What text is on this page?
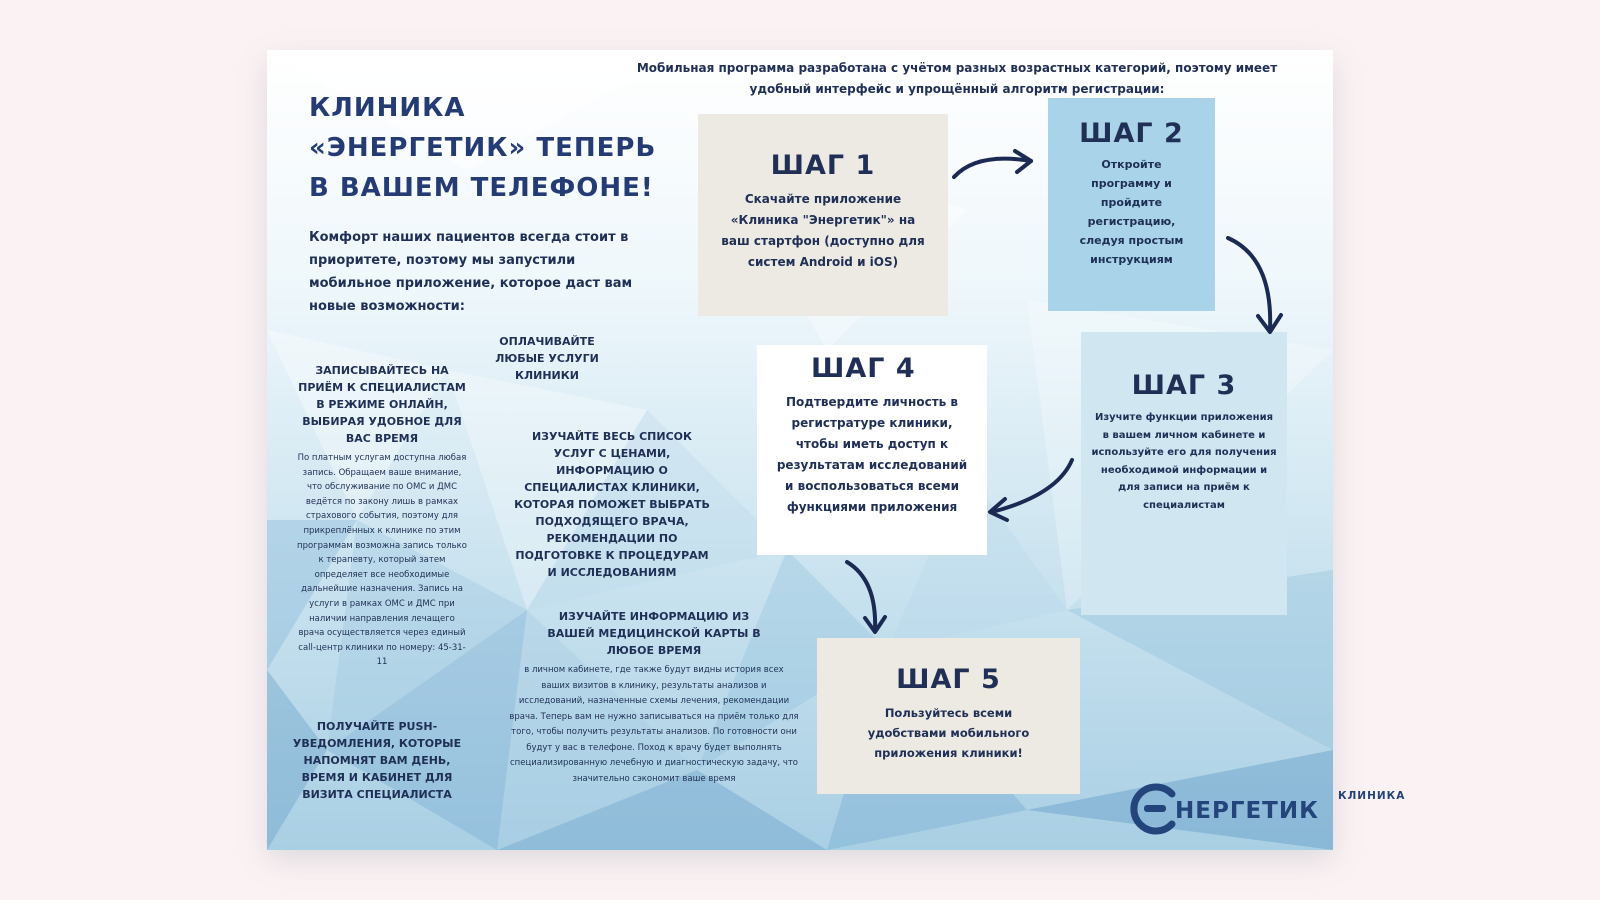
КЛИНИКА «ЭНЕРГЕТИК» ТЕПЕРЬ В ВАШЕМ ТЕЛЕФОНЕ!

Комфорт наших пациентов всегда стоит в приоритете, поэтому мы запустили мобильное приложение, которое даст вам новые возможности:

Мобильная программа разработана с учётом разных возрастных категорий, поэтому имеет удобный интерфейс и упрощённый алгоритм регистрации:

ЗАПИСЫВАЙТЕСЬ НА ПРИЁМ К СПЕЦИАЛИСТАМ В РЕЖИМЕ ОНЛАЙН, ВЫБИРАЯ УДОБНОЕ ДЛЯ ВАС ВРЕМЯ

По платным услугам доступна любая запись. Обращаем ваше внимание, что обслуживание по ОМС и ДМС ведётся по закону лишь в рамках страхового события, поэтому для прикреплённых к клинике по этим программам возможна запись только к терапевту, который затем определяет все необходимые дальнейшие назначения. Запись на услуги в рамках ОМС и ДМС при наличии направления лечащего врача осуществляется через единый call-центр клиники по номеру: 45-31-11

ОПЛАЧИВАЙТЕ ЛЮБЫЕ УСЛУГИ КЛИНИКИ

ИЗУЧАЙТЕ ВЕСЬ СПИСОК УСЛУГ С ЦЕНАМИ, ИНФОРМАЦИЮ О СПЕЦИАЛИСТАХ КЛИНИКИ, КОТОРАЯ ПОМОЖЕТ ВЫБРАТЬ ПОДХОДЯЩЕГО ВРАЧА, РЕКОМЕНДАЦИИ ПО ПОДГОТОВКЕ К ПРОЦЕДУРАМ И ИССЛЕДОВАНИЯМ

ИЗУЧАЙТЕ ИНФОРМАЦИЮ ИЗ ВАШЕЙ МЕДИЦИНСКОЙ КАРТЫ В ЛЮБОЕ ВРЕМЯ

в личном кабинете, где также будут видны история всех ваших визитов в клинику, результаты анализов и исследований, назначенные схемы лечения, рекомендации врача. Теперь вам не нужно записываться на приём только для того, чтобы получить результаты анализов. По готовности они будут у вас в телефоне. Поход к врачу будет выполнять специализированную лечебную и диагностическую задачу, что значительно сэкономит ваше время

ПОЛУЧАЙТЕ PUSH-УВЕДОМЛЕНИЯ, КОТОРЫЕ НАПОМНЯТ ВАМ ДЕНЬ, ВРЕМЯ И КАБИНЕТ ДЛЯ ВИЗИТА СПЕЦИАЛИСТА

ШАГ 1
Скачайте приложение «Клиника "Энергетик"» на ваш стартфон (доступно для систем Android и iOS)
ШАГ 2
Откройте программу и пройдите регистрацию, следуя простым инструкциям
ШАГ 3
Изучите функции приложения в вашем личном кабинете и используйте его для получения необходимой информации и для записи на приём к специалистам
ШАГ 4
Подтвердите личность в регистратуре клиники, чтобы иметь доступ к результатам исследований и воспользоваться всеми функциями приложения
ШАГ 5
Пользуйтесь всеми удобствами мобильного приложения клиники!
КЛИНИКА
НЕРГЕТИК
